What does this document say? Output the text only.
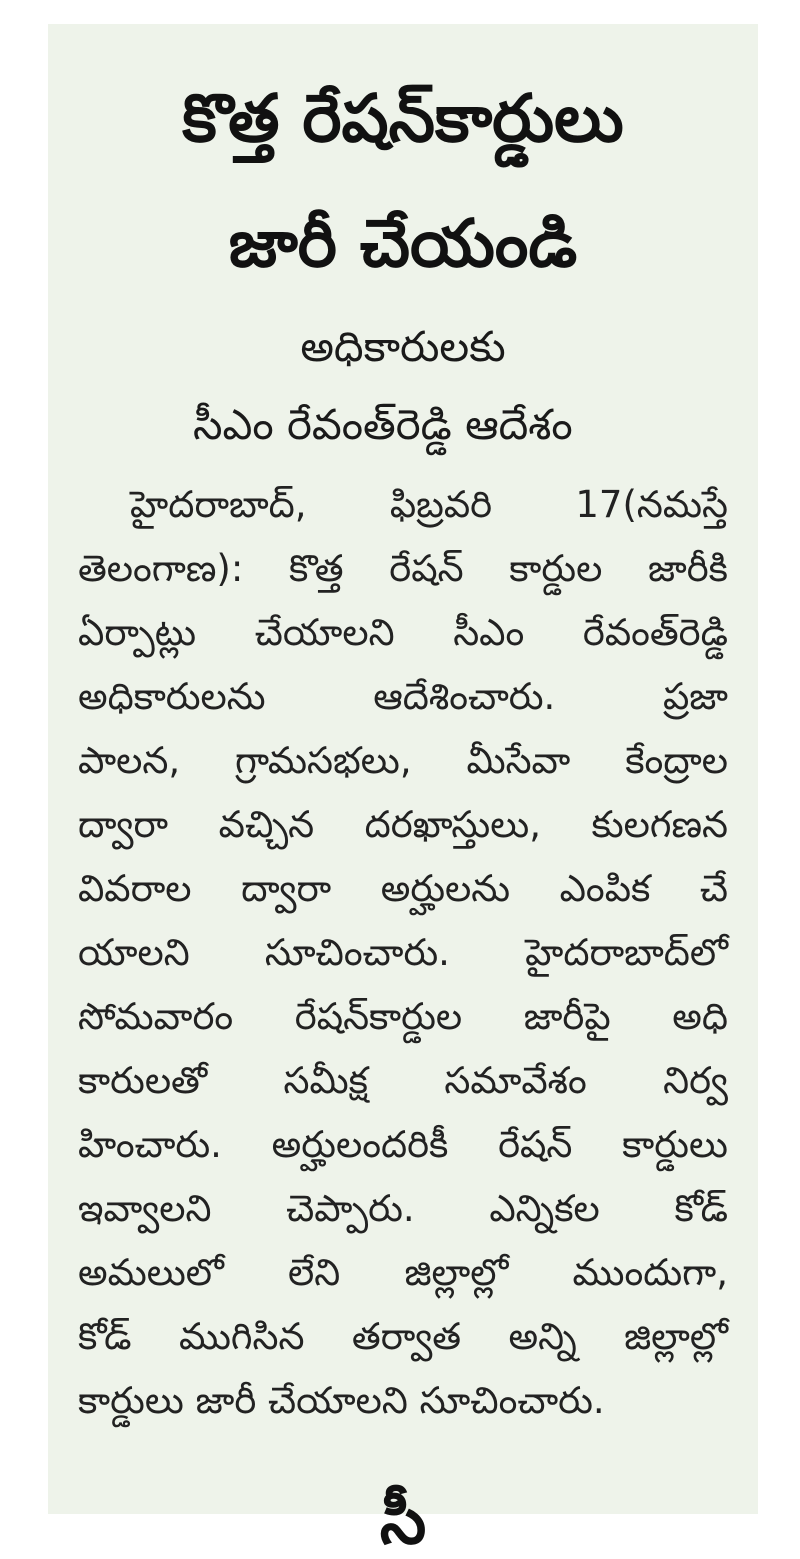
కొత్త రేషన్‌కార్డులు
జారీ చేయండి
అధికారులకు
సీఎం రేవంత్‌రెడ్డి ఆదేశం
హైదరాబాద్, ఫిబ్రవరి 17(నమస్తే
తెలంగాణ): కొత్త రేషన్ కార్డుల జారీకి
ఏర్పాట్లు చేయాలని సీఎం రేవంత్‌రెడ్డి
అధికారులను ఆదేశించారు. ప్రజా
పాలన, గ్రామసభలు, మీసేవా కేంద్రాల
ద్వారా వచ్చిన దరఖాస్తులు, కులగణన
వివరాల ద్వారా అర్హులను ఎంపిక చే
యాలని సూచించారు. హైదరాబాద్‌లో
సోమవారం రేషన్‌కార్డుల జారీపై అధి
కారులతో సమీక్ష సమావేశం నిర్వ
హించారు. అర్హులందరికీ రేషన్ కార్డులు
ఇవ్వాలని చెప్పారు. ఎన్నికల కోడ్
అమలులో లేని జిల్లాల్లో ముందుగా,
కోడ్ ముగిసిన తర్వాత అన్ని జిల్లాల్లో
కార్డులు జారీ చేయాలని సూచించారు.
సీ
